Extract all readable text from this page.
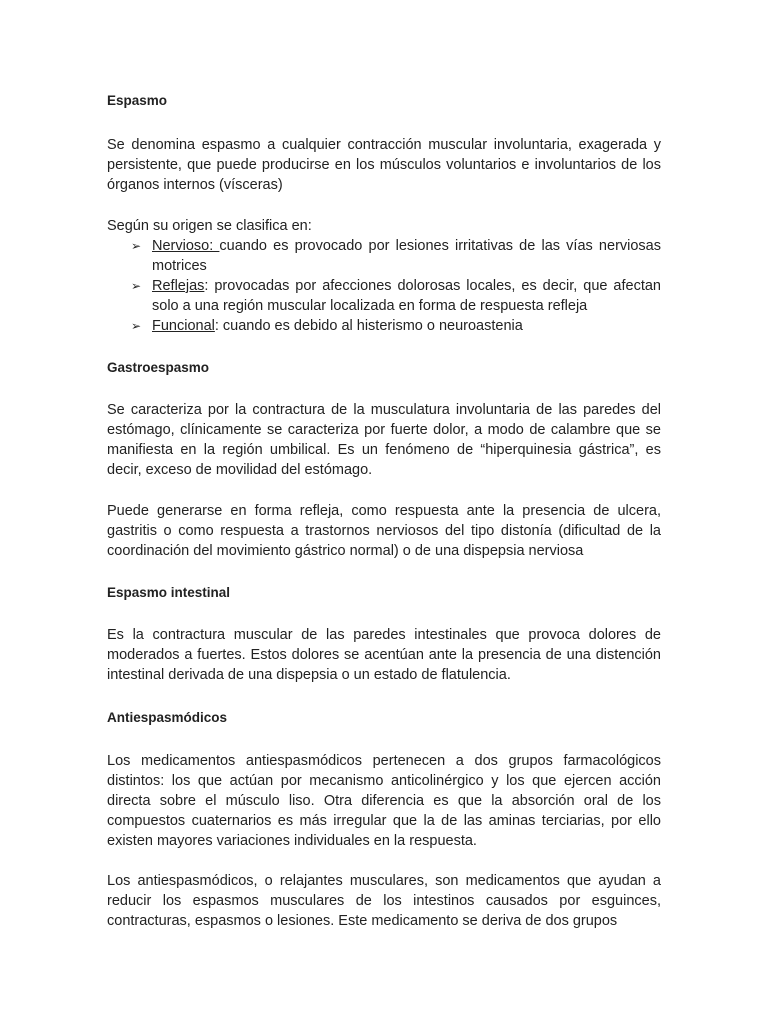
Espasmo

Se denomina espasmo a cualquier contracción muscular involuntaria, exagerada y persistente, que puede producirse en los músculos voluntarios e involuntarios de los órganos internos (vísceras)

Según su origen se clasifica en:

➢ Nervioso: cuando es provocado por lesiones irritativas de las vías nerviosas motrices
➢ Reflejas: provocadas por afecciones dolorosas locales, es decir, que afectan solo a una región muscular localizada en forma de respuesta refleja
➢ Funcional: cuando es debido al histerismo o neuroastenia
Gastroespasmo

Se caracteriza por la contractura de la musculatura involuntaria de las paredes del estómago, clínicamente se caracteriza por fuerte dolor, a modo de calambre que se manifiesta en la región umbilical. Es un fenómeno de “hiperquinesia gástrica”, es decir, exceso de movilidad del estómago.

Puede generarse en forma refleja, como respuesta ante la presencia de ulcera, gastritis o como respuesta a trastornos nerviosos del tipo distonía (dificultad de la coordinación del movimiento gástrico normal) o de una dispepsia nerviosa

Espasmo intestinal

Es la contractura muscular de las paredes intestinales que provoca dolores de moderados a fuertes. Estos dolores se acentúan ante la presencia de una distención intestinal derivada de una dispepsia o un estado de flatulencia.

Antiespasmódicos

Los medicamentos antiespasmódicos pertenecen a dos grupos farmacológicos distintos: los que actúan por mecanismo anticolinérgico y los que ejercen acción directa sobre el músculo liso. Otra diferencia es que la absorción oral de los compuestos cuaternarios es más irregular que la de las aminas terciarias, por ello existen mayores variaciones individuales en la respuesta.

Los antiespasmódicos, o relajantes musculares, son medicamentos que ayudan a reducir los espasmos musculares de los intestinos causados por esguinces, contracturas, espasmos o lesiones. Este medicamento se deriva de dos grupos
